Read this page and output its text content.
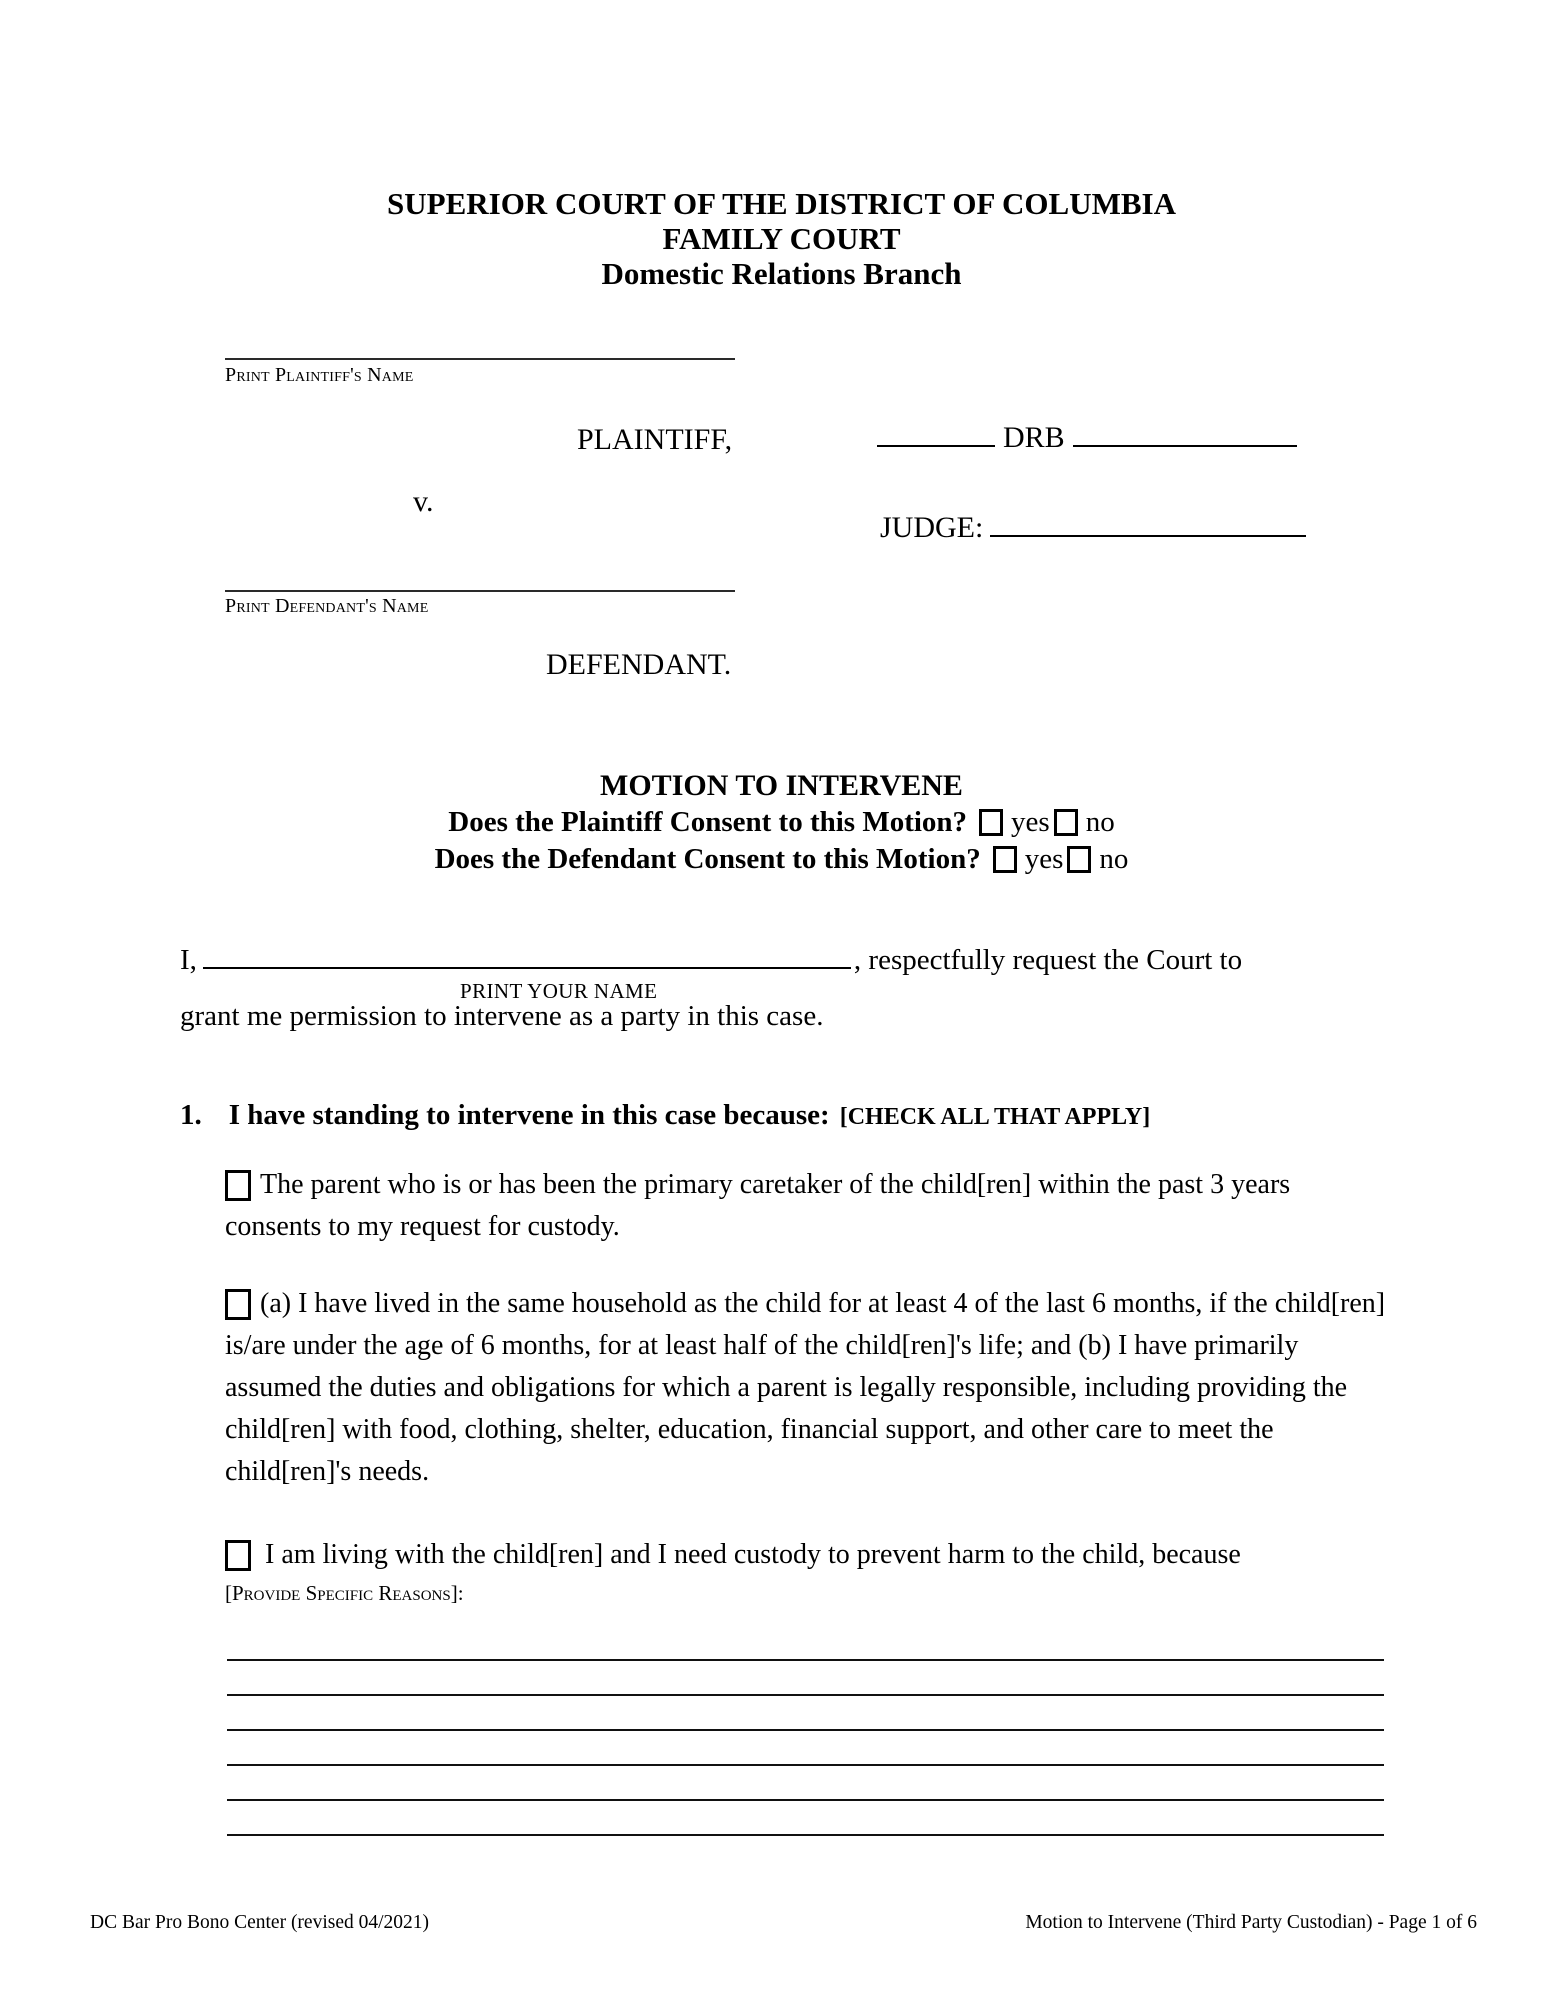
SUPERIOR COURT OF THE DISTRICT OF COLUMBIA
FAMILY COURT
Domestic Relations Branch
Print Plaintiff's Name
PLAINTIFF,	DRB
v.
JUDGE:
Print Defendant's Name
DEFENDANT.
MOTION TO INTERVENE
Does the Plaintiff Consent to this Motion? yes no
Does the Defendant Consent to this Motion? yes no
I,	, respectfully request the Court to
PRINT YOUR NAME
grant me permission to intervene as a party in this case.
1. I have standing to intervene in this case because: [CHECK ALL THAT APPLY]
The parent who is or has been the primary caretaker of the child[ren] within the past 3 years consents to my request for custody.
(a) I have lived in the same household as the child for at least 4 of the last 6 months, if the child[ren] is/are under the age of 6 months, for at least half of the child[ren]'s life; and (b) I have primarily assumed the duties and obligations for which a parent is legally responsible, including providing the child[ren] with food, clothing, shelter, education, financial support, and other care to meet the child[ren]'s needs.
I am living with the child[ren] and I need custody to prevent harm to the child, because
[Provide Specific Reasons]:
DC Bar Pro Bono Center (revised 04/2021)	Motion to Intervene (Third Party Custodian) - Page 1 of 6
